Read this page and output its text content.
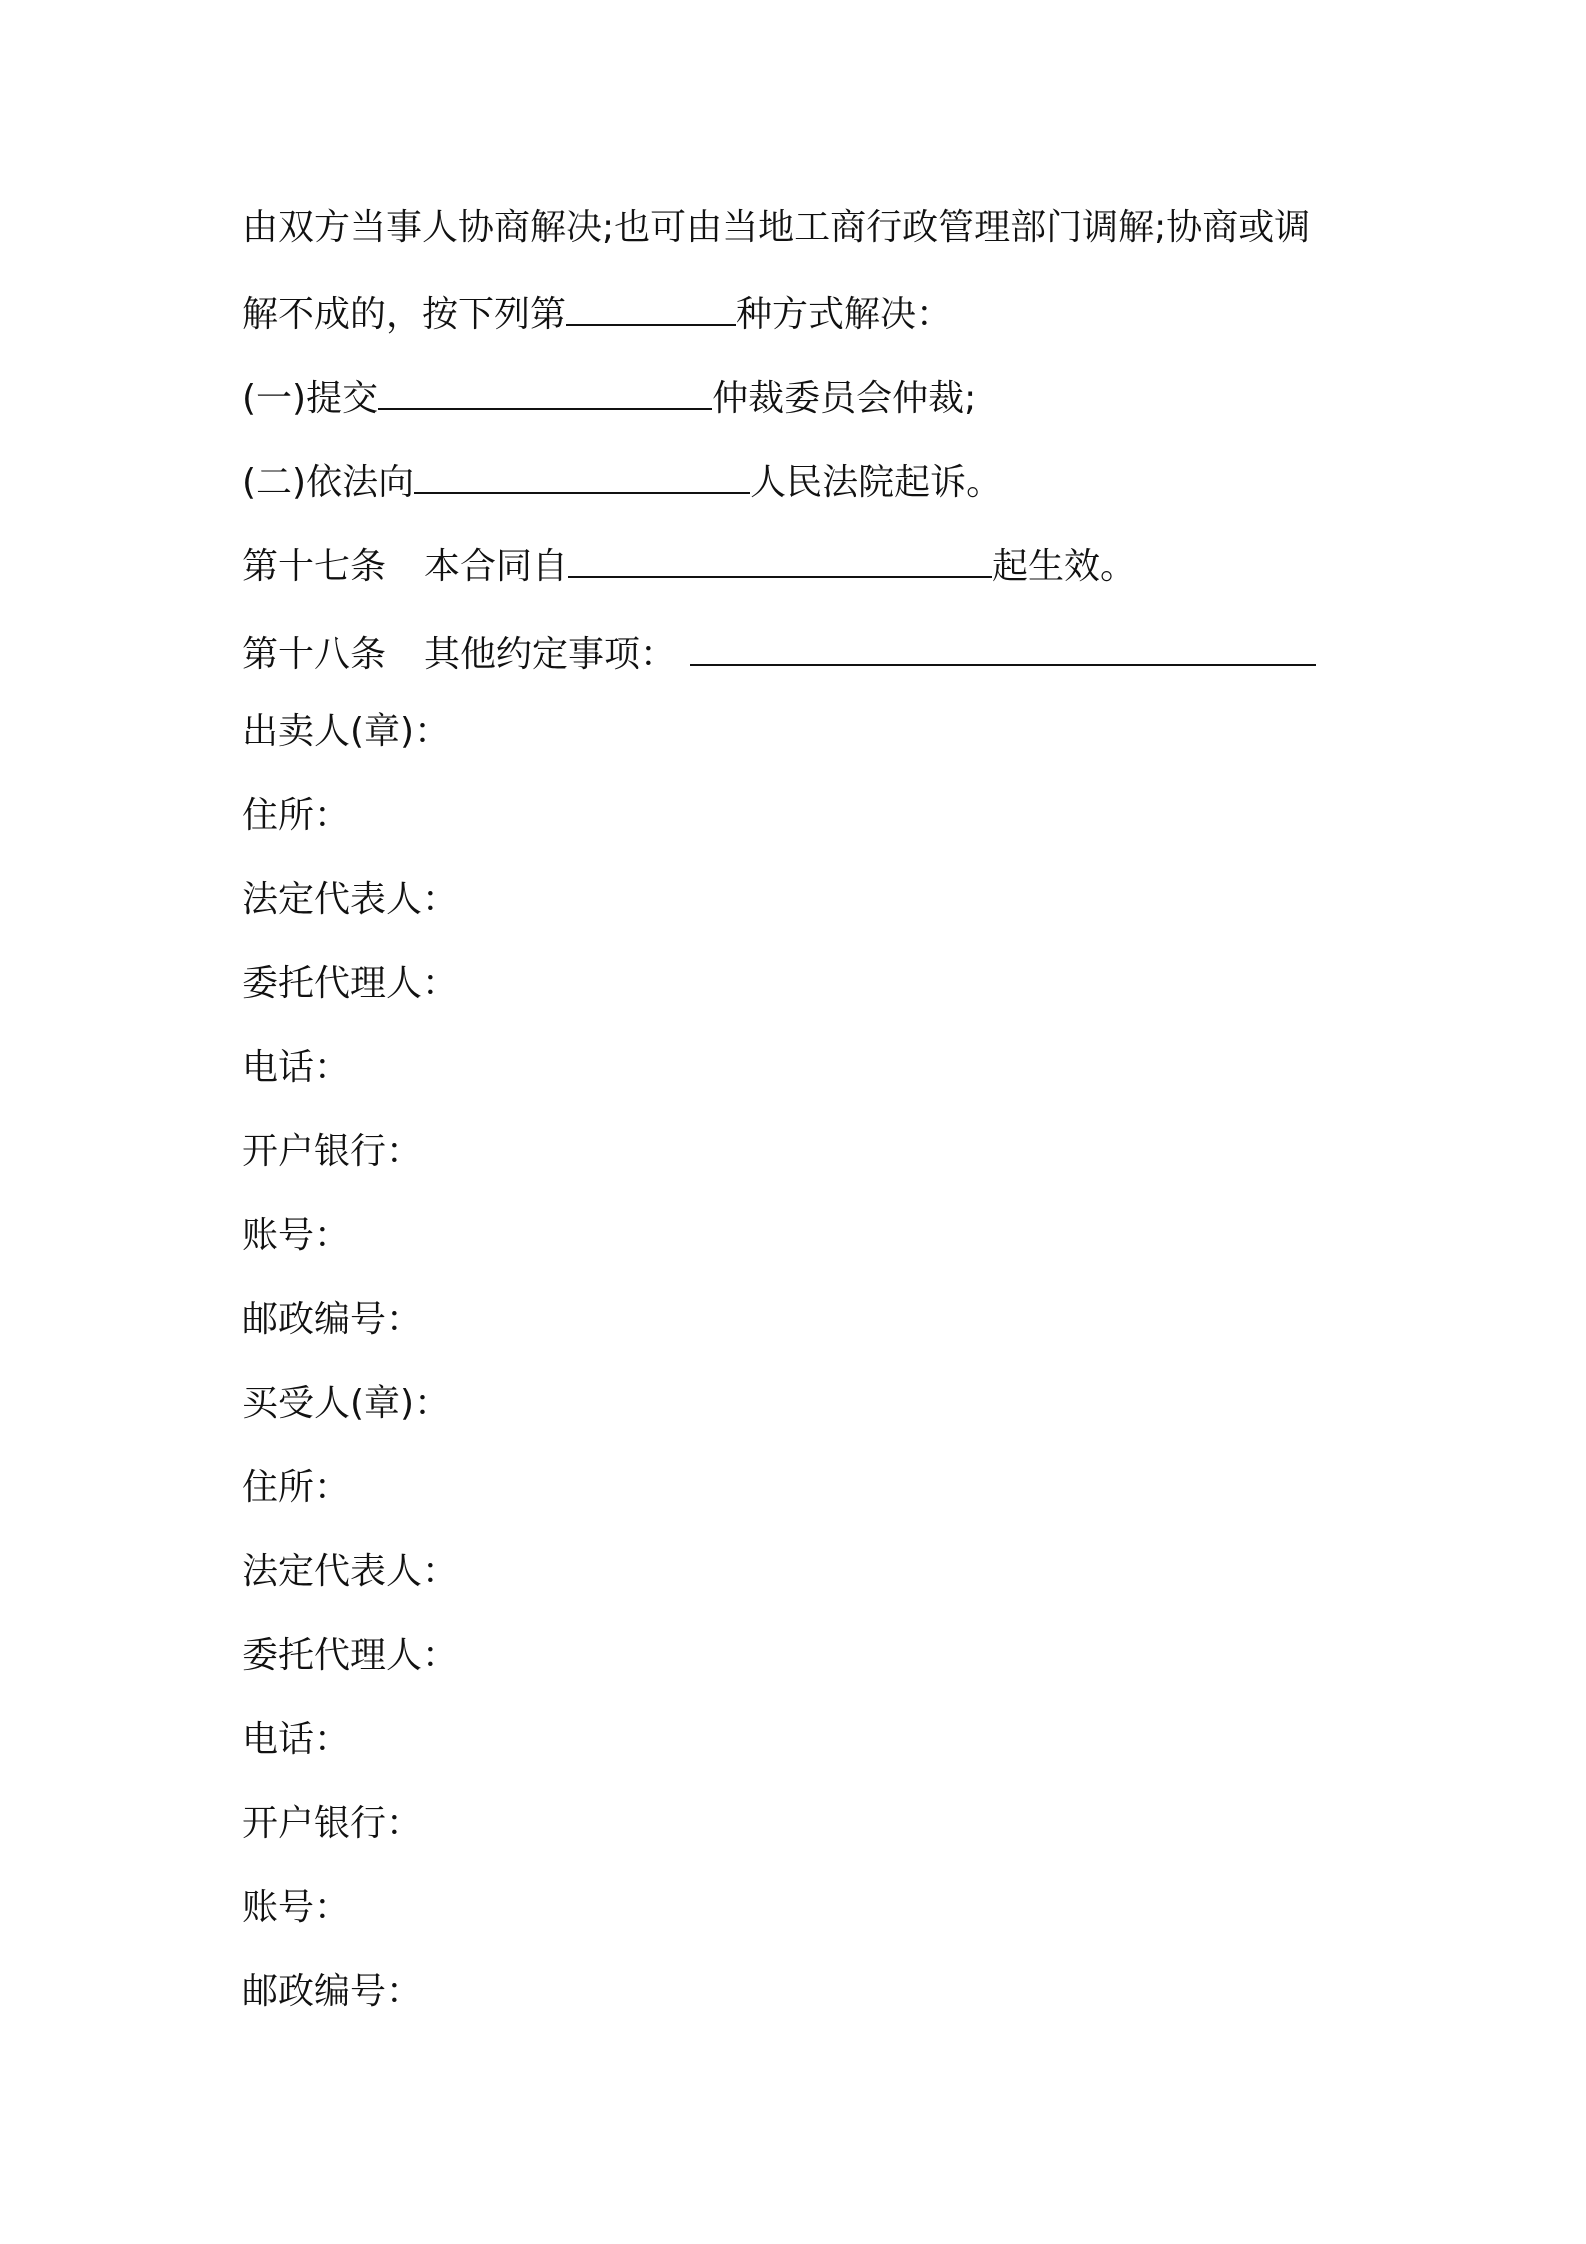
由双方当事人协商解决;也可由当地工商行政管理部门调解;协商或调
解不成的，按下列第	种方式解决：
(一)提交	仲裁委员会仲裁;
(二)依法向	人民法院起诉。
第十七条 本合同自	起生效。
第十八条 其他约定事项：
出卖人(章)：
住所：
法定代表人：
委托代理人：
电话：
开户银行：
账号：
邮政编号：
买受人(章)：
住所：
法定代表人：
委托代理人：
电话：
开户银行：
账号：
邮政编号：
